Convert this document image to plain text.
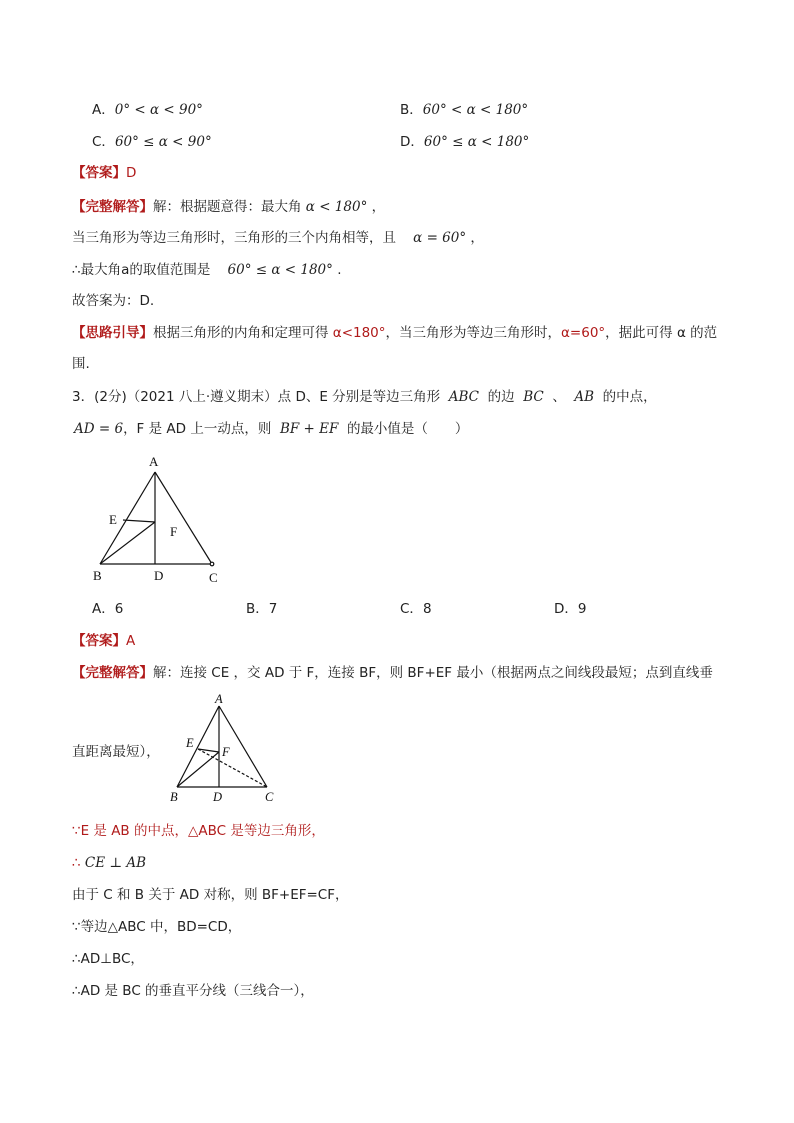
A．0° < α < 90°	B．60° < α < 180°
C．60° ≤ α < 90°	D．60° ≤ α < 180°
【答案】D
【完整解答】解：根据题意得：最大角 α < 180° ，
当三角形为等边三角形时，三角形的三个内角相等，且 α = 60° ，
∴最大角a的取值范围是 60° ≤ α < 180° .
故答案为：D.
【思路引导】根据三角形的内角和定理可得 α<180°，当三角形为等边三角形时，α=60°，据此可得 α 的范
围.
3．(2分)（2021 八上·遵义期末）点 D、E 分别是等边三角形 ABC 的边 BC 、 AB 的中点，
AD = 6，F 是 AD 上一动点，则 BF + EF 的最小值是（　　）
A
B	C
D
E
F
A．6	B．7	C．8	D．9
【答案】A
【完整解答】解：连接 CE ，交 AD 于 F，连接 BF，则 BF+EF 最小（根据两点之间线段最短；点到直线垂
A
B	C
D
E
F
直距离最短），
∵E 是 AB 的中点，△ABC 是等边三角形，
∴ CE ⊥ AB
由于 C 和 B 关于 AD 对称，则 BF+EF=CF，
∵等边△ABC 中，BD=CD，
∴AD⊥BC，
∴AD 是 BC 的垂直平分线（三线合一），
